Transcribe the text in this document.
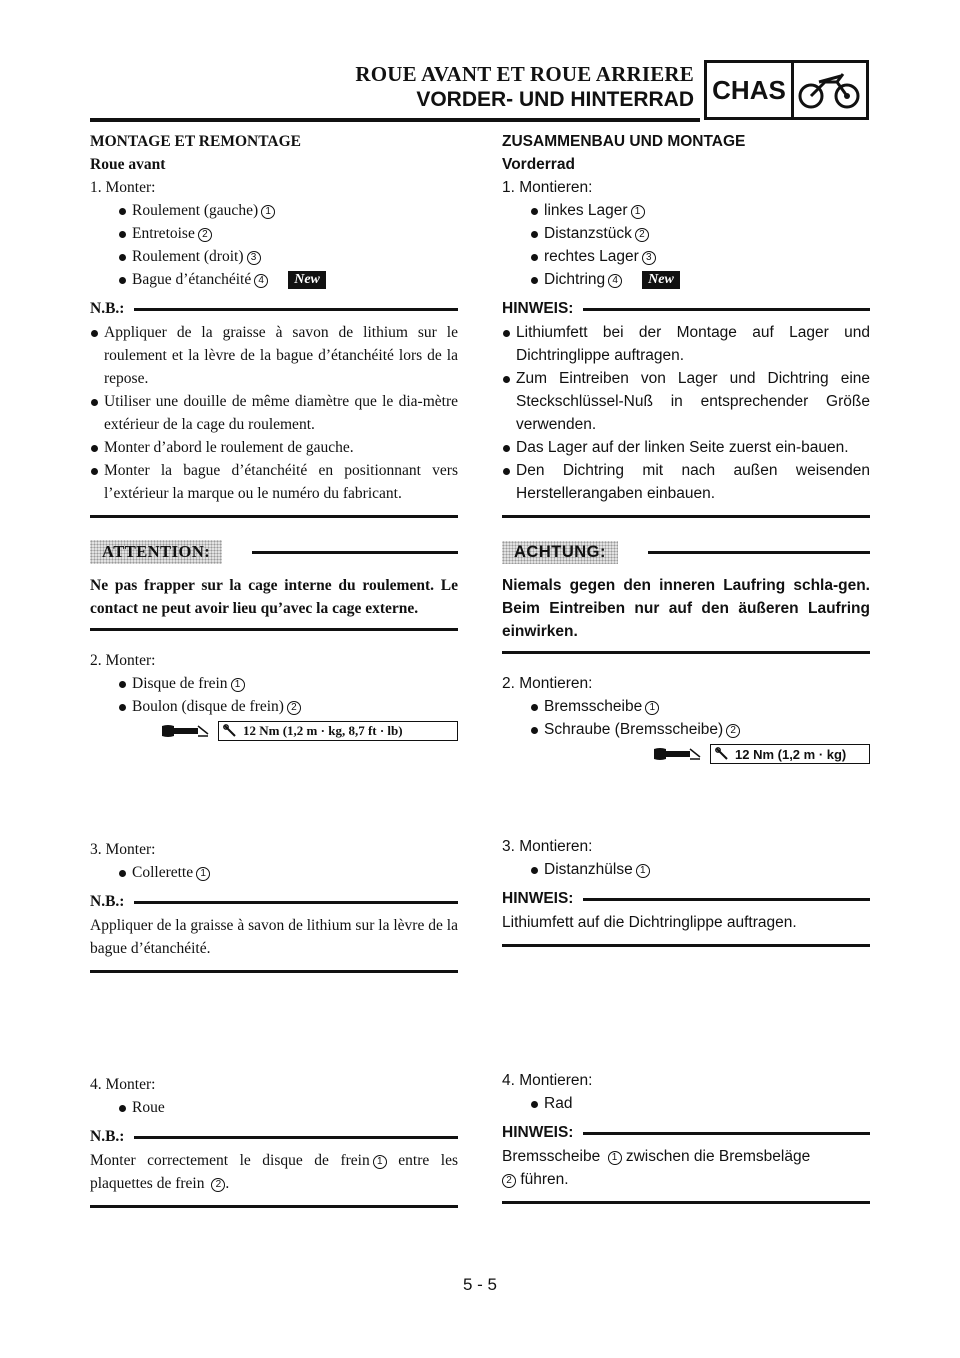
ROUE AVANT ET ROUE ARRIERE
VORDER- UND HINTERRAD CHAS
MONTAGE ET REMONTAGE
Roue avant
1. Monter:
Roulement (gauche) 1
Entretoise 2
Roulement (droit) 3
Bague d’étanchéité 4 New
N.B.:
Appliquer de la graisse à savon de lithium sur le roulement et la lèvre de la bague d’étanchéité lors de la repose.
Utiliser une douille de même diamètre que le dia-mètre extérieur de la cage du roulement.
Monter d’abord le roulement de gauche.
Monter la bague d’étanchéité en positionnant vers l’extérieur la marque ou le numéro du fabricant.
ATTENTION:
Ne pas frapper sur la cage interne du roulement. Le contact ne peut avoir lieu qu’avec la cage externe.
2. Monter:
Disque de frein 1
Boulon (disque de frein) 2
12 Nm (1,2 m · kg, 8,7 ft · lb)
3. Monter:
Collerette 1
N.B.:
Appliquer de la graisse à savon de lithium sur la lèvre de la bague d’étanchéité.
4. Monter:
Roue
N.B.:
Monter correctement le disque de frein 1 entre les plaquettes de frein 2 .
ZUSAMMENBAU UND MONTAGE
Vorderrad
1. Montieren:
linkes Lager 1
Distanzstück 2
rechtes Lager 3
Dichtring 4 New
HINWEIS:
Lithiumfett bei der Montage auf Lager und Dichtringlippe auftragen.
Zum Eintreiben von Lager und Dichtring eine Steckschlüssel-Nuß in entsprechender Größe verwenden.
Das Lager auf der linken Seite zuerst ein-bauen.
Den Dichtring mit nach außen weisenden Herstellerangaben einbauen.
ACHTUNG:
Niemals gegen den inneren Laufring schla-gen. Beim Eintreiben nur auf den äußeren Laufring einwirken.
2. Montieren:
Bremsscheibe 1
Schraube (Bremsscheibe) 2
12 Nm (1,2 m · kg)
3. Montieren:
Distanzhülse 1
HINWEIS:
Lithiumfett auf die Dichtringlippe auftragen.
4. Montieren:
Rad
HINWEIS:
Bremsscheibe 1 zwischen die Bremsbeläge
2 führen.
5 - 5
